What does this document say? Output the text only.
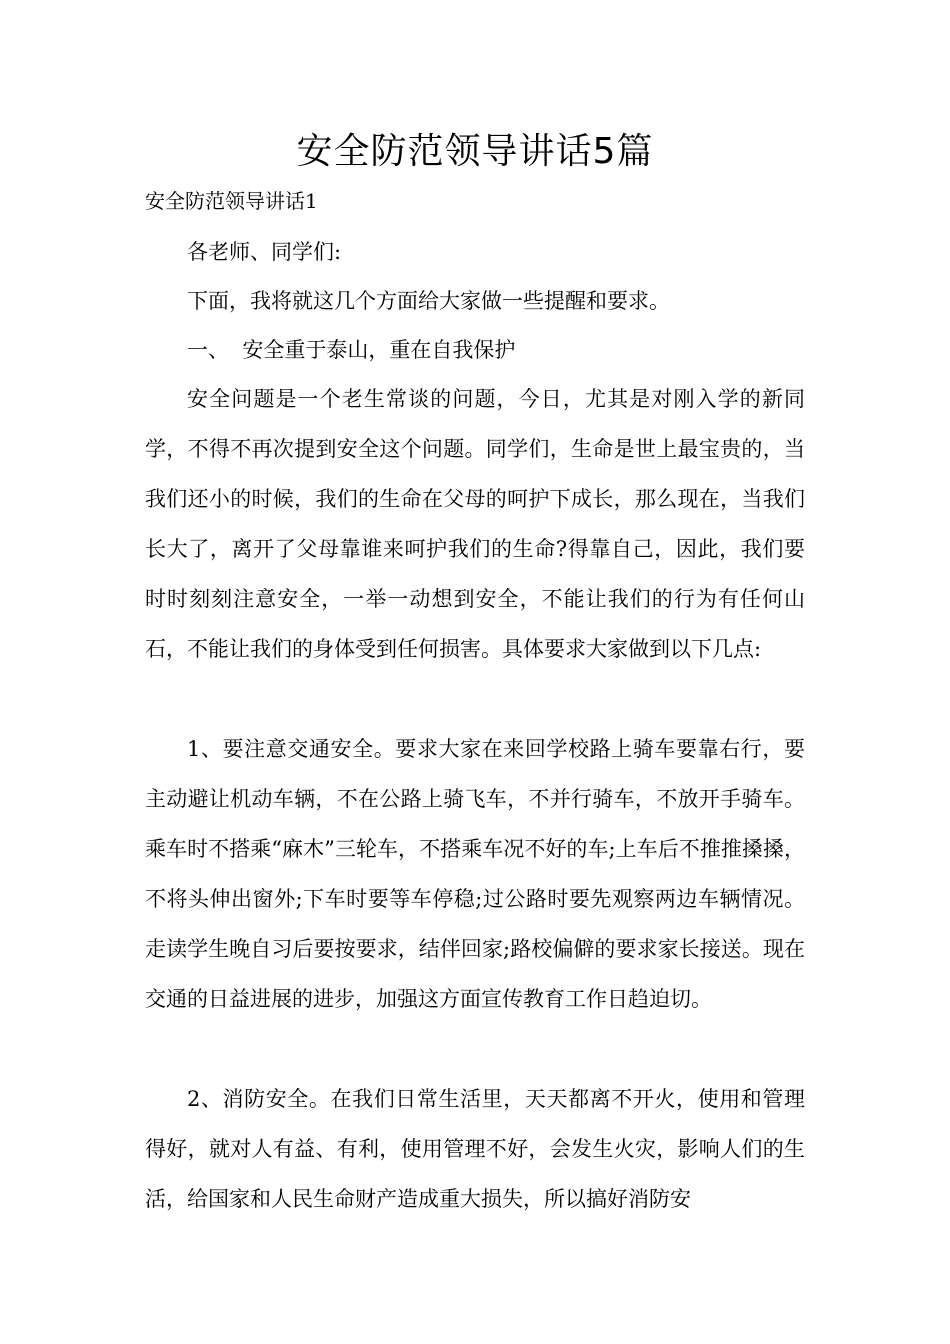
安全防范领导讲话5篇

安全防范领导讲话1

各老师、同学们:

下面，我将就这几个方面给大家做一些提醒和要求。

一、  安全重于泰山，重在自我保护

安全问题是一个老生常谈的问题，今日，尤其是对刚入学的新同学，不得不再次提到安全这个问题。同学们，生命是世上最宝贵的，当我们还小的时候，我们的生命在父母的呵护下成长，那么现在，当我们长大了，离开了父母靠谁来呵护我们的生命?得靠自己，因此，我们要时时刻刻注意安全，一举一动想到安全，不能让我们的行为有任何山石，不能让我们的身体受到任何损害。具体要求大家做到以下几点:

1、要注意交通安全。要求大家在来回学校路上骑车要靠右行，要主动避让机动车辆，不在公路上骑飞车，不并行骑车，不放开手骑车。乘车时不搭乘“麻木”三轮车，不搭乘车况不好的车;上车后不推推搡搡，不将头伸出窗外;下车时要等车停稳;过公路时要先观察两边车辆情况。走读学生晚自习后要按要求，结伴回家;路校偏僻的要求家长接送。现在交通的日益进展的进步，加强这方面宣传教育工作日趋迫切。

2、消防安全。在我们日常生活里，天天都离不开火，使用和管理得好，就对人有益、有利，使用管理不好，会发生火灾，影响人们的生活，给国家和人民生命财产造成重大损失，所以搞好消防安
